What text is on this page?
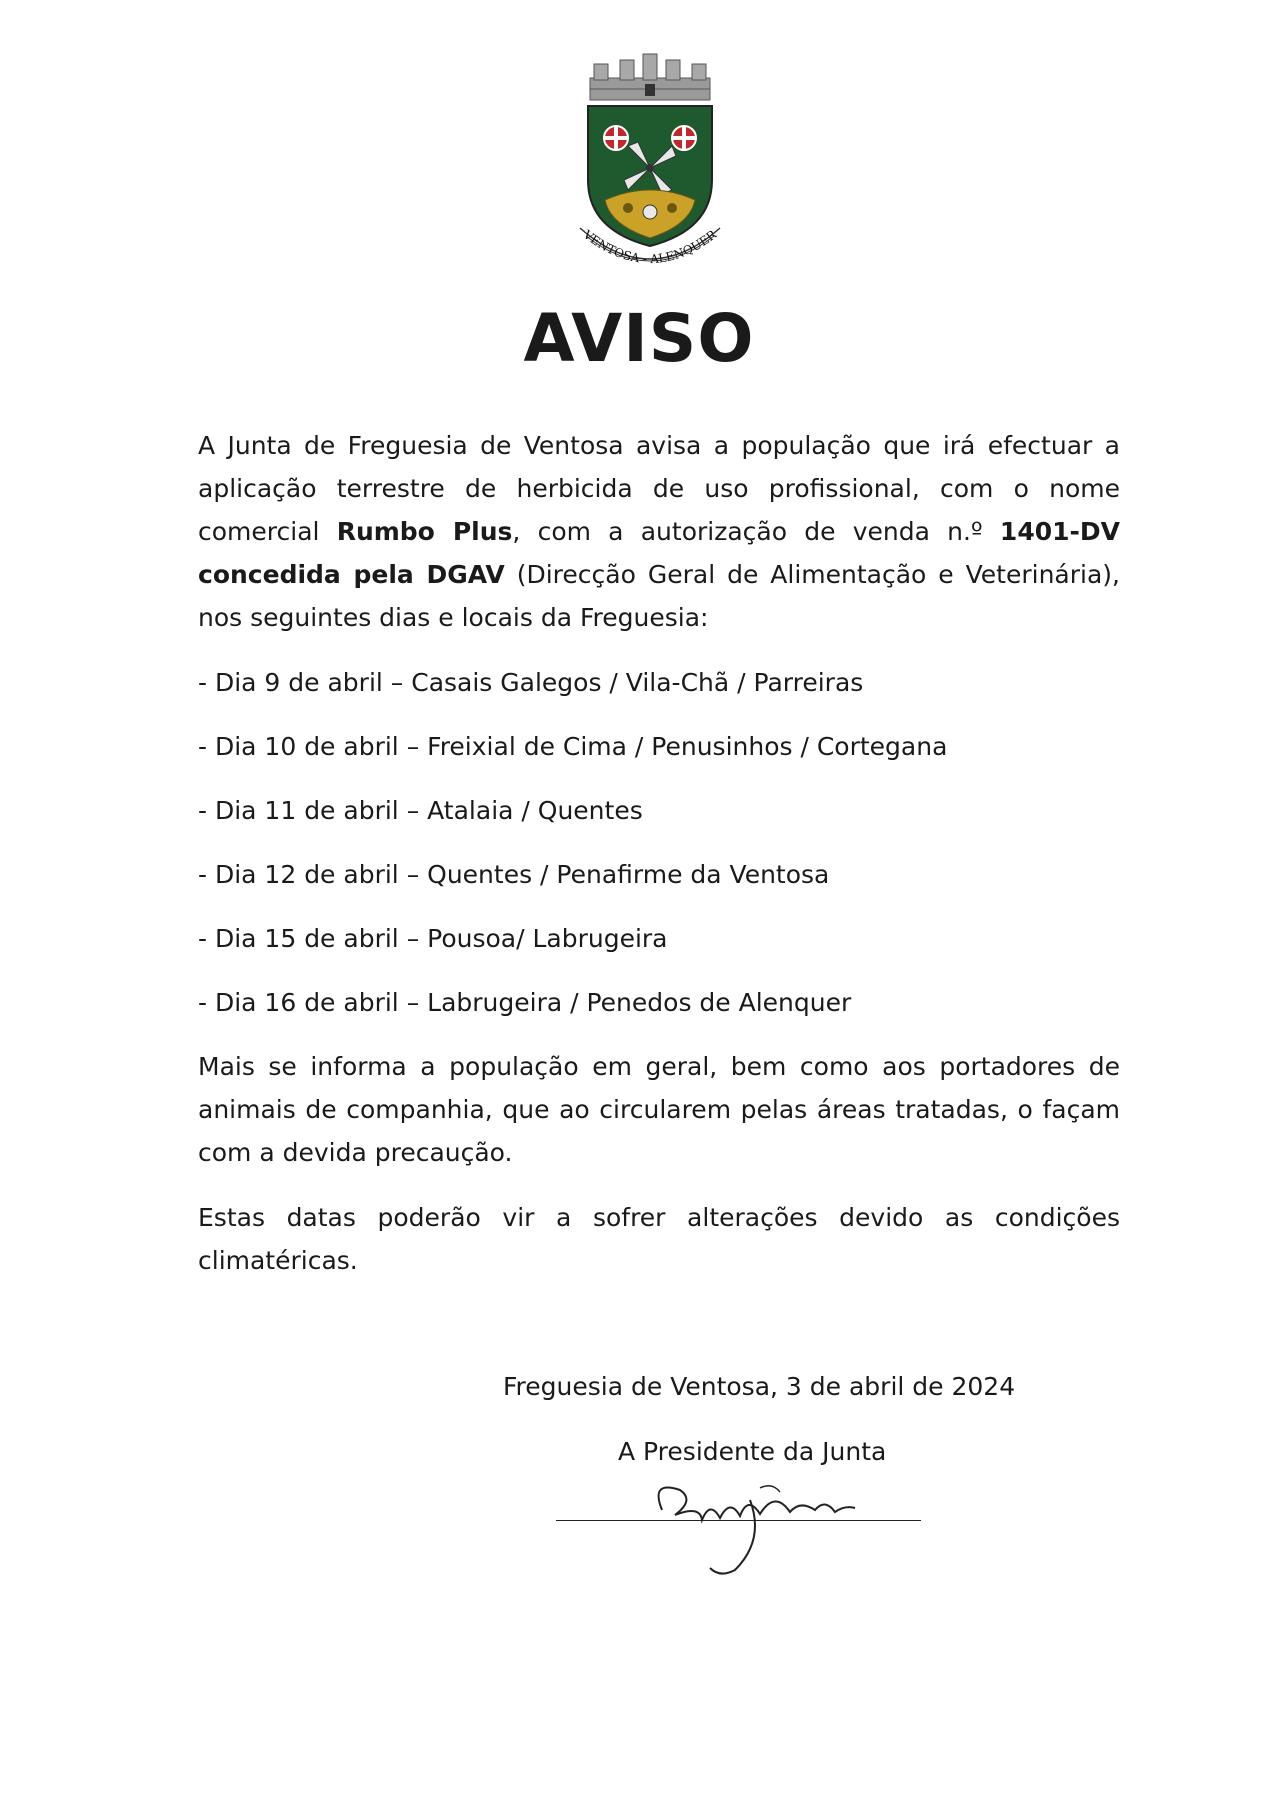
VENTOSA - ALENQUER
AVISO

A Junta de Freguesia de Ventosa avisa a população que irá efectuar a aplicação terrestre de herbicida de uso profissional, com o nome comercial Rumbo Plus, com a autorização de venda n.º 1401-DV concedida pela DGAV (Direcção Geral de Alimentação e Veterinária), nos seguintes dias e locais da Freguesia:

- Dia 9 de abril – Casais Galegos / Vila-Chã / Parreiras
- Dia 10 de abril – Freixial de Cima / Penusinhos / Cortegana
- Dia 11 de abril – Atalaia / Quentes
- Dia 12 de abril – Quentes / Penafirme da Ventosa
- Dia 15 de abril – Pousoa/ Labrugeira
- Dia 16 de abril – Labrugeira / Penedos de Alenquer

Mais se informa a população em geral, bem como aos portadores de animais de companhia, que ao circularem pelas áreas tratadas, o façam com a devida precaução.

Estas datas poderão vir a sofrer alterações devido as condições climatéricas.

Freguesia de Ventosa, 3 de abril de 2024
A Presidente da Junta
